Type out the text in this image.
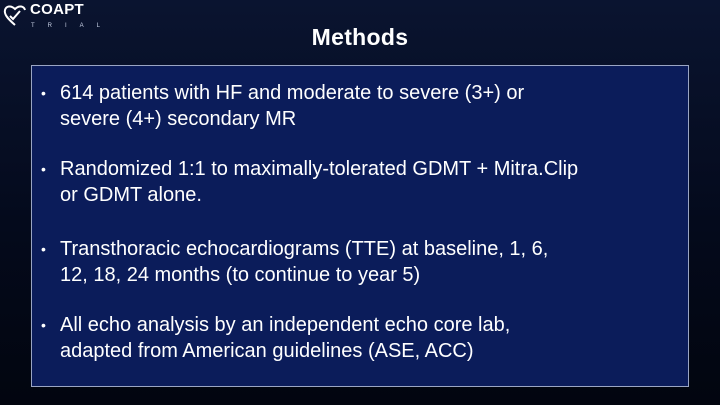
COAPT
TRIAL	Methods
• 614 patients with HF and moderate to severe (3+) or
severe (4+) secondary MR
• Randomized 1:1 to maximally-tolerated GDMT + Mitra.Clip
or GDMT alone.
• Transthoracic echocardiograms (TTE) at baseline, 1, 6,
12, 18, 24 months (to continue to year 5)
• All echo analysis by an independent echo core lab,
adapted from American guidelines (ASE, ACC)
